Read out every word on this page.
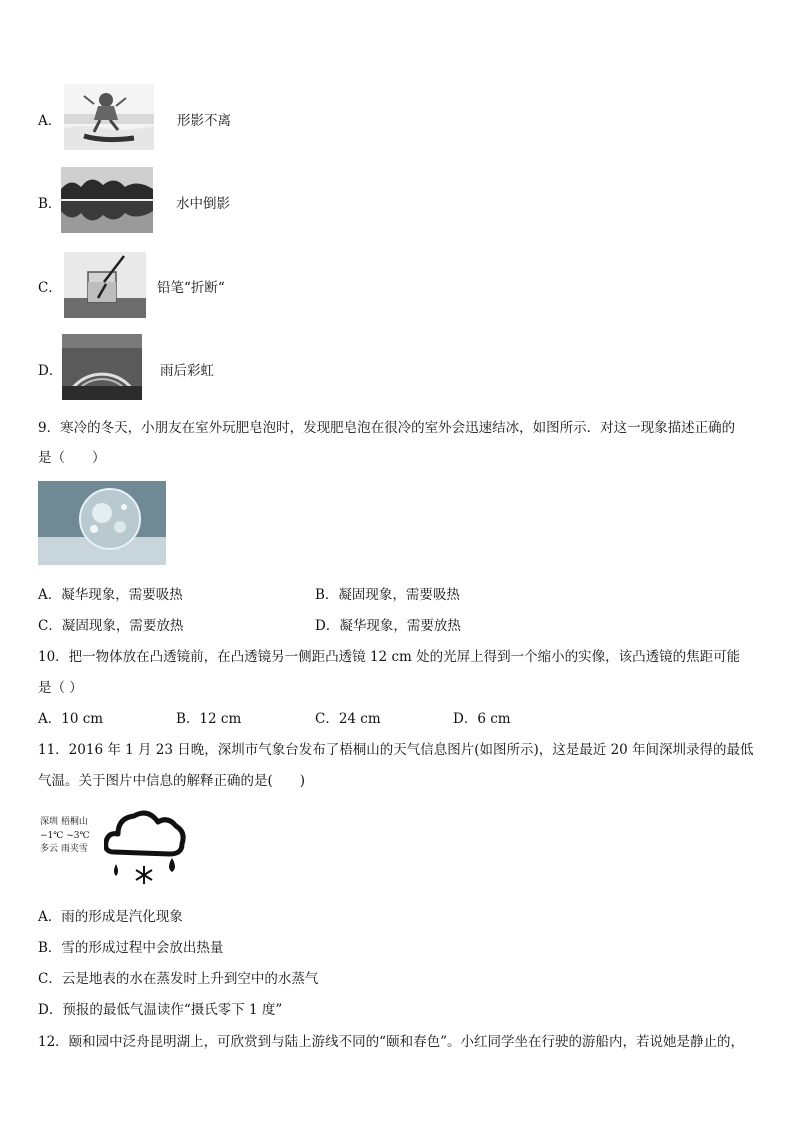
A．	形影不离
B．	水中倒影
C．	铅笔“折断“
D．	雨后彩虹
9．寒冷的冬天，小朋友在室外玩肥皂泡时，发现肥皂泡在很冷的室外会迅速结冰，如图所示．对这一现象描述正确的
是（　　）
A．凝华现象，需要吸热	B．凝固现象，需要吸热
C．凝固现象，需要放热	D．凝华现象，需要放热
10．把一物体放在凸透镜前，在凸透镜另一侧距凸透镜 12 cm 处的光屏上得到一个缩小的实像，该凸透镜的焦距可能
是（ ）
A．10 cm	B．12 cm	C．24 cm	D．6 cm
11．2016 年 1 月 23 日晚，深圳市气象台发布了梧桐山的天气信息图片(如图所示)，这是最近 20 年间深圳录得的最低
气温。关于图片中信息的解释正确的是(　　)
深圳 梧桐山
−1℃ ~3℃
多云 雨夹雪
A．雨的形成是汽化现象
B．雪的形成过程中会放出热量
C．云是地表的水在蒸发时上升到空中的水蒸气
D．预报的最低气温读作“摄氏零下 1 度”
12．颐和园中泛舟昆明湖上，可欣赏到与陆上游线不同的“颐和春色”。小红同学坐在行驶的游船内，若说她是静止的，
